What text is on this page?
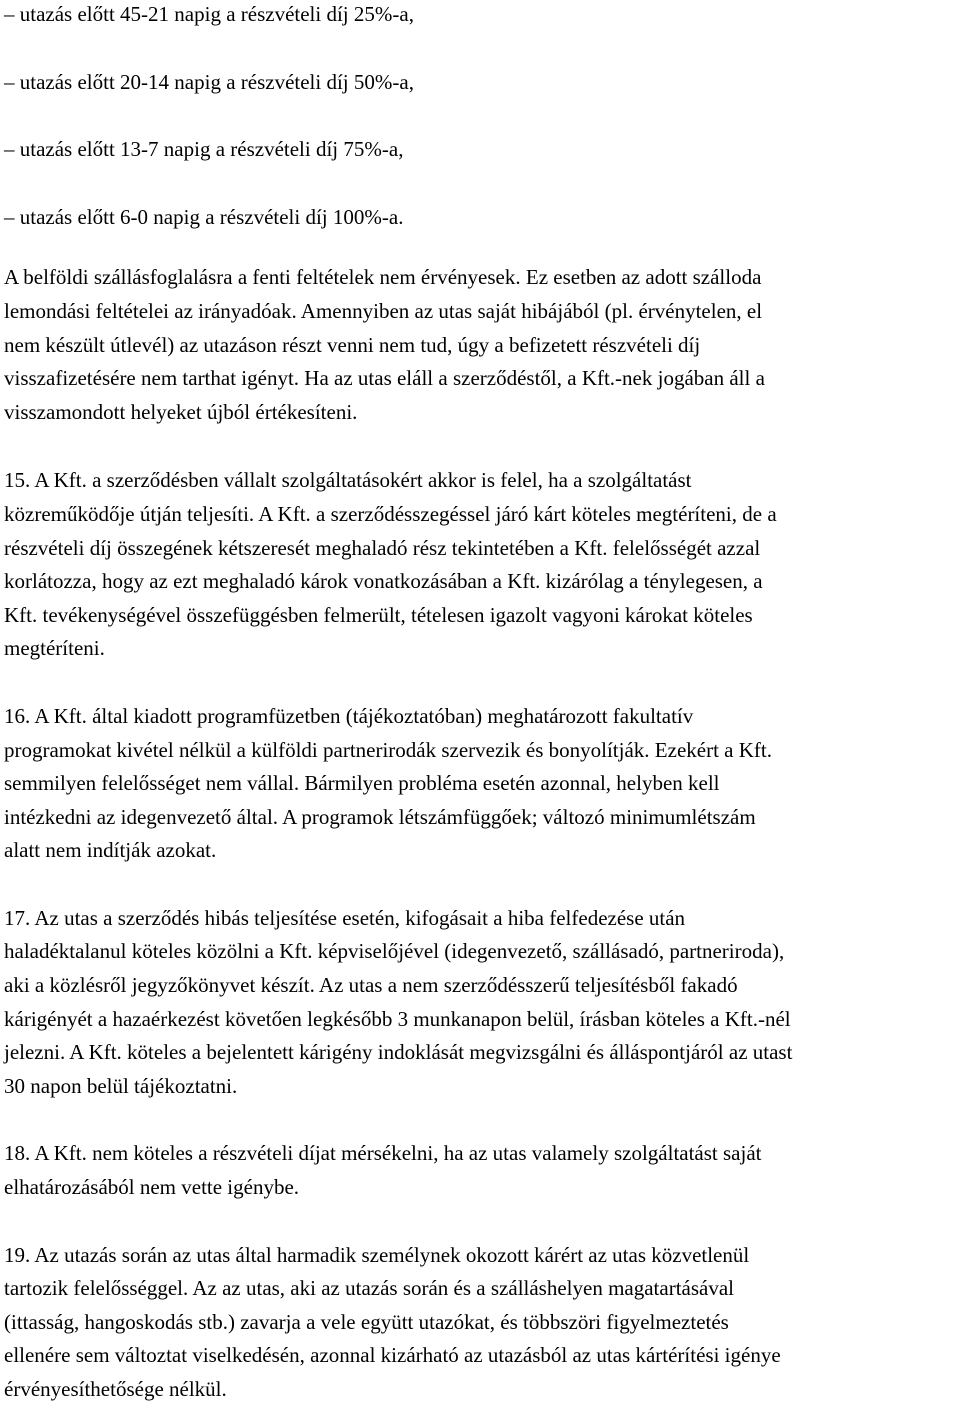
– utazás előtt 45-21 napig a részvételi díj 25%-a,
– utazás előtt 20-14 napig a részvételi díj 50%-a,
– utazás előtt 13-7 napig a részvételi díj 75%-a,
– utazás előtt 6-0 napig a részvételi díj 100%-a.
A belföldi szállásfoglalásra a fenti feltételek nem érvényesek. Ez esetben az adott szálloda
lemondási feltételei az irányadóak. Amennyiben az utas saját hibájából (pl. érvénytelen, el
nem készült útlevél) az utazáson részt venni nem tud, úgy a befizetett részvételi díj
visszafizetésére nem tarthat igényt. Ha az utas eláll a szerződéstől, a Kft.-nek jogában áll a
visszamondott helyeket újból értékesíteni.
15. A Kft. a szerződésben vállalt szolgáltatásokért akkor is felel, ha a szolgáltatást
közreműködője útján teljesíti. A Kft. a szerződésszegéssel járó kárt köteles megtéríteni, de a
részvételi díj összegének kétszeresét meghaladó rész tekintetében a Kft. felelősségét azzal
korlátozza, hogy az ezt meghaladó károk vonatkozásában a Kft. kizárólag a ténylegesen, a
Kft. tevékenységével összefüggésben felmerült, tételesen igazolt vagyoni károkat köteles
megtéríteni.
16. A Kft. által kiadott programfüzetben (tájékoztatóban) meghatározott fakultatív
programokat kivétel nélkül a külföldi partnerirodák szervezik és bonyolítják. Ezekért a Kft.
semmilyen felelősséget nem vállal. Bármilyen probléma esetén azonnal, helyben kell
intézkedni az idegenvezető által. A programok létszámfüggőek; változó minimumlétszám
alatt nem indítják azokat.
17. Az utas a szerződés hibás teljesítése esetén, kifogásait a hiba felfedezése után
haladéktalanul köteles közölni a Kft. képviselőjével (idegenvezető, szállásadó, partneriroda),
aki a közlésről jegyzőkönyvet készít. Az utas a nem szerződésszerű teljesítésből fakadó
kárigényét a hazaérkezést követően legkésőbb 3 munkanapon belül, írásban köteles a Kft.-nél
jelezni. A Kft. köteles a bejelentett kárigény indoklását megvizsgálni és álláspontjáról az utast
30 napon belül tájékoztatni.
18. A Kft. nem köteles a részvételi díjat mérsékelni, ha az utas valamely szolgáltatást saját
elhatározásából nem vette igénybe.
19. Az utazás során az utas által harmadik személynek okozott kárért az utas közvetlenül
tartozik felelősséggel. Az az utas, aki az utazás során és a szálláshelyen magatartásával
(ittasság, hangoskodás stb.) zavarja a vele együtt utazókat, és többszöri figyelmeztetés
ellenére sem változtat viselkedésén, azonnal kizárható az utazásból az utas kártérítési igénye
érvényesíthetősége nélkül.
